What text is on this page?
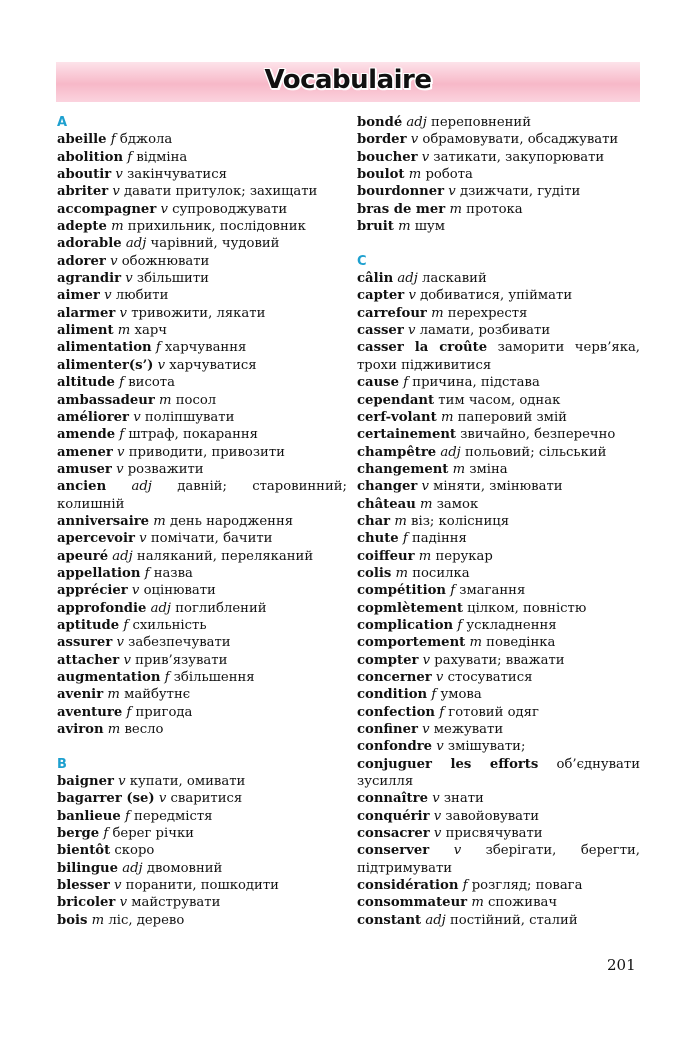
Vocabulaire
A
abeille f бджола
abolition f відміна
aboutir v закінчуватися
abriter v давати притулок; захищати
accompagner v супроводжувати
adepte m прихильник, послідовник
adorable adj чарівний, чудовий
adorer v обожнювати
agrandir v збільшити
aimer v любити
alarmer v тривожити, лякати
aliment m харч
alimentation f харчування
alimenter(s’) v харчуватися
altitude f висота
ambassadeur m посол
améliorer v поліпшувати
amende f штраф, покарання
amener v приводити, привозити
amuser v розважити
ancien adj давній; старовинний; колишній
anniversaire m день народження
apercevoir v помічати, бачити
apeuré adj наляканий, переляканий
appellation f назва
apprécier v оцінювати
approfondie adj поглиблений
aptitude f схильність
assurer v забезпечувати
attacher v прив’язувати
augmentation f збільшення
avenir m майбутнє
aventure f пригода
aviron m весло
B
baigner v купати, омивати
bagarrer (se) v сваритися
banlieue f передмістя
berge f берег річки
bientôt скоро
bilingue adj двомовний
blesser v поранити, пошкодити
bricoler v майструвати
bois m ліс, дерево
bondé adj переповнений
border v обрамовувати, обсаджувати
boucher v затикати, закупорювати
boulot m робота
bourdonner v дзижчати, гудіти
bras de mer m протока
bruit m шум
C
câlin adj ласкавий
capter v добиватися, упіймати
carrefour m перехрестя
casser v ламати, розбивати
casser la croûte заморити черв’яка, трохи підживитися
cause f причина, підстава
cependant тим часом, однак
cerf-volant m паперовий змій
certainement звичайно, безперечно
champêtre adj польовий; сільський
changement m зміна
changer v міняти, змінювати
château m замок
char m віз; колісниця
chute f падіння
coiffeur m перукар
colis m посилка
compétition f змагання
copmlètement цілком, повністю
complication f ускладнення
comportement m поведінка
compter v рахувати; вважати
concerner v стосуватися
condition f умова
confection f готовий одяг
confiner v межувати
confondre v змішувати;
conjuguer les efforts об’єднувати зусилля
connaître v знати
conquérir v завойовувати
consacrer v присвячувати
conserver v зберігати, берегти, підтримувати
considération f розгляд; повага
consommateur m споживач
constant adj постійний, сталий
201
